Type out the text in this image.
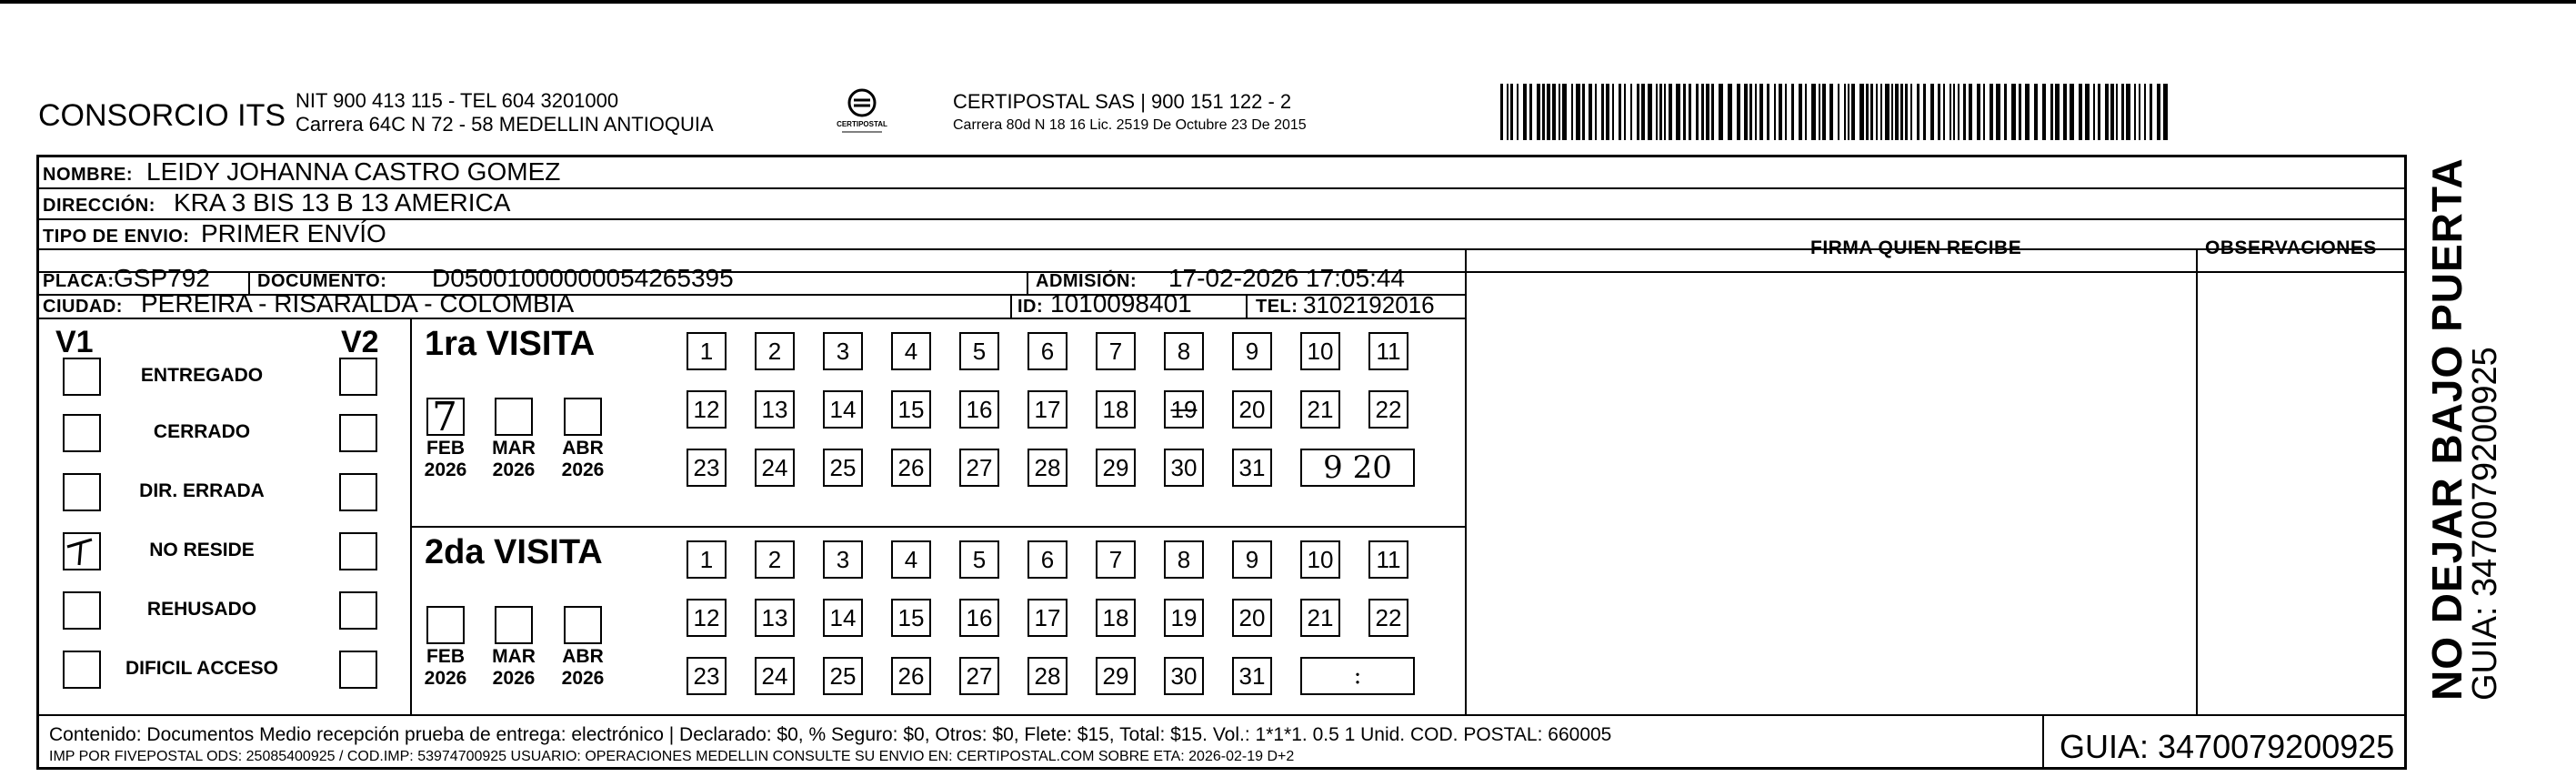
CONSORCIO ITS NIT 900 413 115 - TEL 604 3201000
Carrera 64C N 72 - 58 MEDELLIN ANTIOQUIA	CERTIPOSTAL
CERTIPOSTAL SAS | 900 151 122 - 2
Carrera 80d N 18 16 Lic. 2519 De Octubre 23 De 2015
NOMBRE: LEIDY JOHANNA CASTRO GOMEZ
DIRECCIÓN: KRA 3 BIS 13 B 13 AMERICA
TIPO DE ENVIO: PRIMER ENVÍO
FIRMA QUIEN RECIBE	OBSERVACIONES
PLACA: GSP792	DOCUMENTO: D05001000000054265395	ADMISIÓN: 17-02-2026 17:05:44
CIUDAD: PEREIRA - RISARALDA - COLOMBIA	ID: 1010098401	TEL: 3102192016
V1	V2
ENTREGADO
CERRADO
DIR. ERRADA
NO RESIDE
REHUSADO
DIFICIL ACCESO
1ra VISITA
7
FEB
2026
MAR
2026
ABR
2026
1 2 3 4 5 6 7 8 9 10 11
12 13 14 15 16 17 18 19 20 21 22
23 24 25 26 27 28 29 30 31 9 20
2da VISITA
FEB
2026
MAR
2026
ABR
2026
1 2 3 4 5 6 7 8 9 10 11
12 13 14 15 16 17 18 19 20 21 22
23 24 25 26 27 28 29 30 31	:
Contenido: Documentos Medio recepción prueba de entrega: electrónico | Declarado: $0, % Seguro: $0, Otros: $0, Flete: $15, Total: $15. Vol.: 1*1*1. 0.5 1 Unid. COD. POSTAL: 660005
IMP POR FIVEPOSTAL ODS: 25085400925 / COD.IMP: 53974700925 USUARIO: OPERACIONES MEDELLIN CONSULTE SU ENVIO EN: CERTIPOSTAL.COM SOBRE ETA: 2026-02-19 D+2	GUIA: 3470079200925
NO DEJAR BAJO PUERTA
GUIA: 3470079200925
